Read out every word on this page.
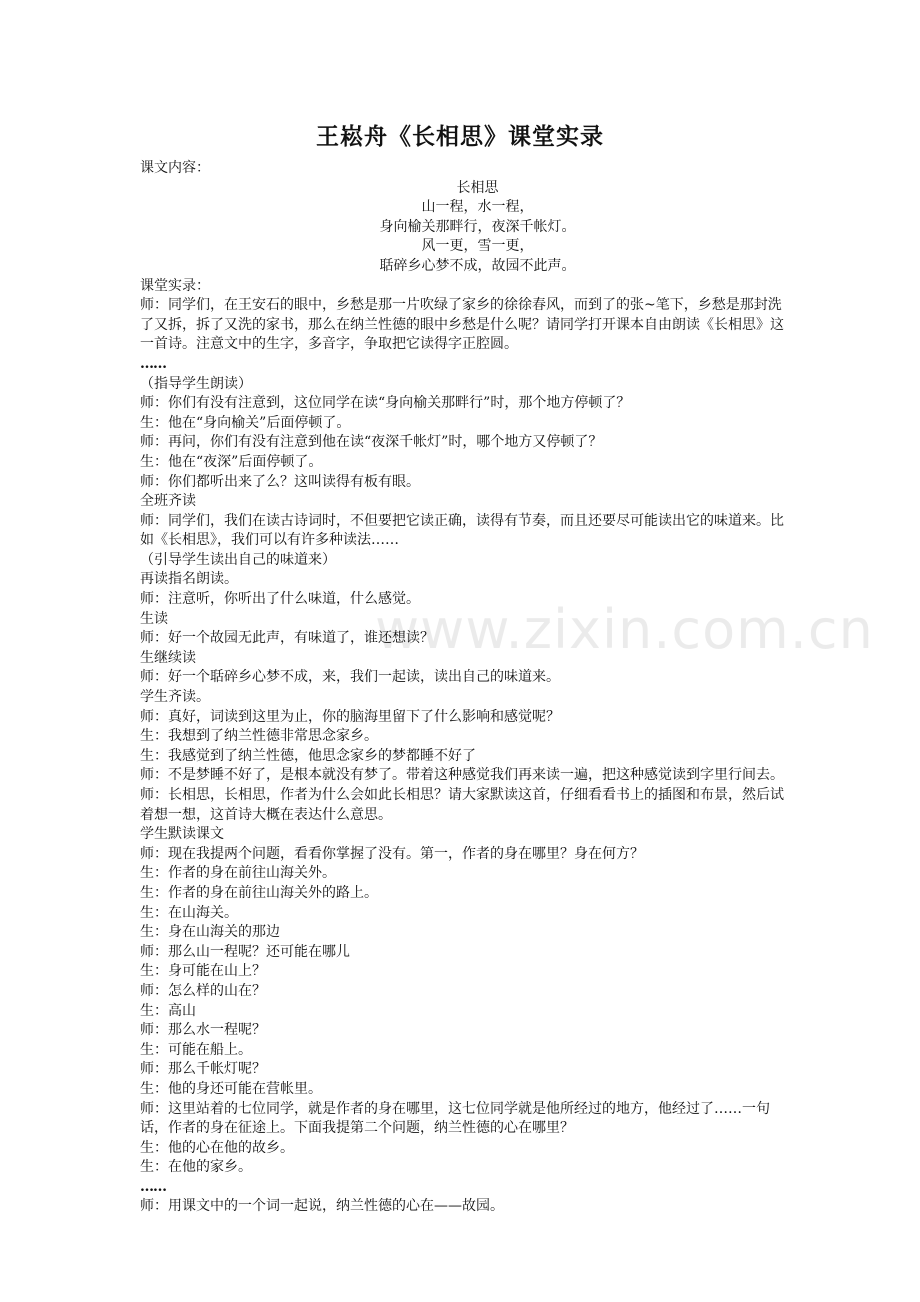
www.zixin.com.cn
王崧舟《长相思》课堂实录

课文内容：

长相思

山一程，水一程，

身向榆关那畔行，夜深千帐灯。

风一更，雪一更，

聒碎乡心梦不成，故园不此声。

课堂实录：

师：同学们，在王安石的眼中，乡愁是那一片吹绿了家乡的徐徐春风，而到了的张~笔下，乡愁是那封洗了又拆，拆了又洗的家书，那么在纳兰性德的眼中乡愁是什么呢？请同学打开课本自由朗读《长相思》这一首诗。注意文中的生字，多音字，争取把它读得字正腔圆。

……

（指导学生朗读）

师：你们有没有注意到，这位同学在读“身向榆关那畔行”时，那个地方停顿了？

生：他在“身向榆关”后面停顿了。

师：再问，你们有没有注意到他在读“夜深千帐灯”时，哪个地方又停顿了？

生：他在“夜深”后面停顿了。

师：你们都听出来了么？这叫读得有板有眼。

全班齐读

师：同学们，我们在读古诗词时，不但要把它读正确，读得有节奏，而且还要尽可能读出它的味道来。比如《长相思》，我们可以有许多种读法……

（引导学生读出自己的味道来）

再读指名朗读。

师：注意听，你听出了什么味道，什么感觉。

生读

师：好一个故园无此声，有味道了，谁还想读？

生继续读

师：好一个聒碎乡心梦不成，来，我们一起读，读出自己的味道来。

学生齐读。

师：真好，词读到这里为止，你的脑海里留下了什么影响和感觉呢？

生：我想到了纳兰性德非常思念家乡。

生：我感觉到了纳兰性德，他思念家乡的梦都睡不好了

师：不是梦睡不好了，是根本就没有梦了。带着这种感觉我们再来读一遍，把这种感觉读到字里行间去。

师：长相思，长相思，作者为什么会如此长相思？请大家默读这首，仔细看看书上的插图和布景，然后试着想一想，这首诗大概在表达什么意思。

学生默读课文

师：现在我提两个问题，看看你掌握了没有。第一，作者的身在哪里？身在何方？

生：作者的身在前往山海关外。

生：作者的身在前往山海关外的路上。

生：在山海关。

生：身在山海关的那边

师：那么山一程呢？还可能在哪儿

生：身可能在山上？

师：怎么样的山在？

生：高山

师：那么水一程呢？

生：可能在船上。

师：那么千帐灯呢？

生：他的身还可能在营帐里。

师：这里站着的七位同学，就是作者的身在哪里，这七位同学就是他所经过的地方，他经过了……一句话，作者的身在征途上。下面我提第二个问题，纳兰性德的心在哪里？

生：他的心在他的故乡。

生：在他的家乡。

……

师：用课文中的一个词一起说，纳兰性德的心在——故园。
